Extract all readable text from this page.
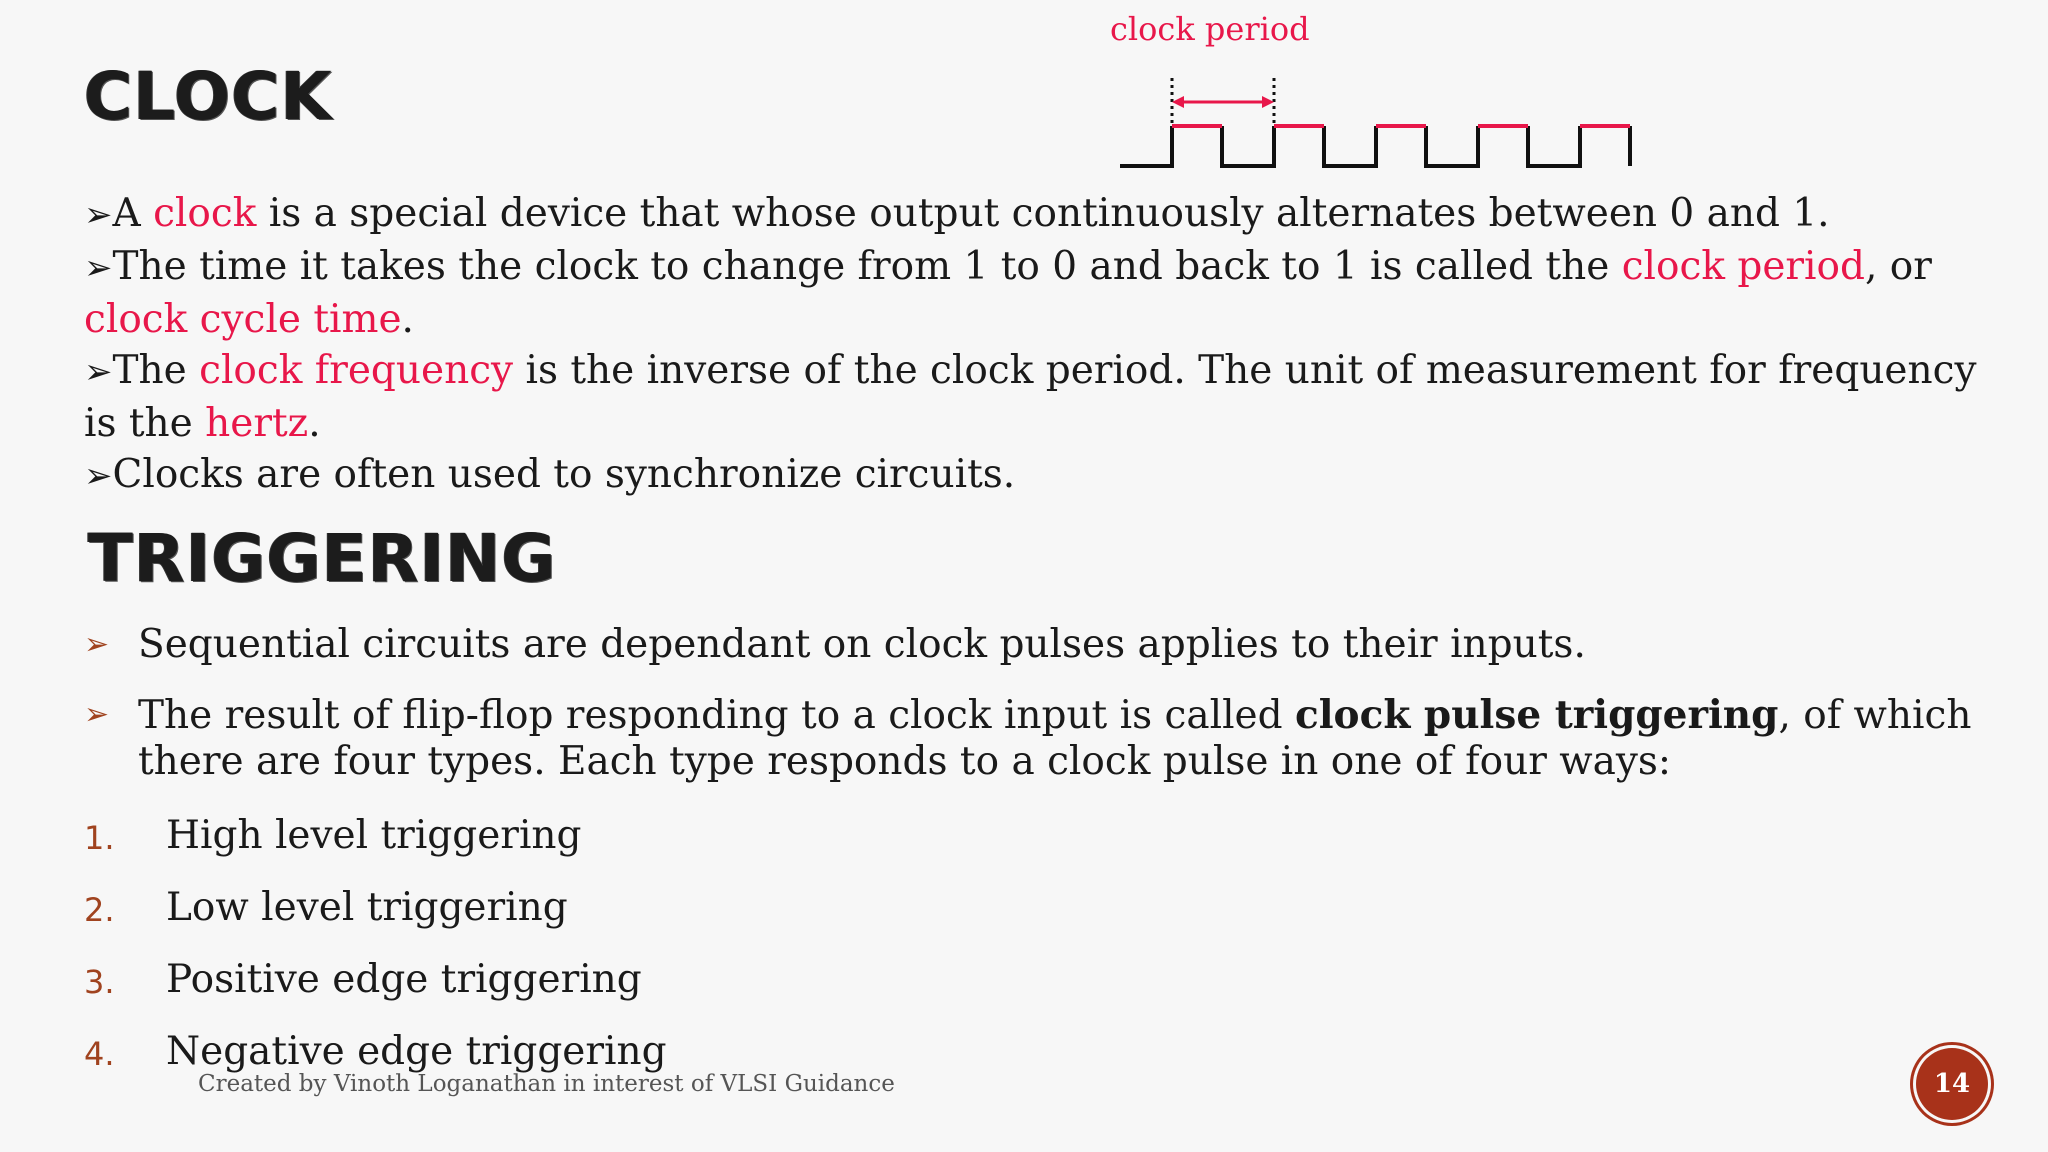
CLOCK
clock period

➢A clock is a special device that whose output continuously alternates between 0 and 1.

➢The time it takes the clock to change from 1 to 0 and back to 1 is called the clock period, or clock cycle time.

➢The clock frequency is the inverse of the clock period. The unit of measurement for frequency is the hertz.

➢Clocks are often used to synchronize circuits.

TRIGGERING
➢ Sequential circuits are dependant on clock pulses applies to their inputs.
➢ The result of flip-flop responding to a clock input is called clock pulse triggering, of which there are four types. Each type responds to a clock pulse in one of four ways:
1. High level triggering
2. Low level triggering
3. Positive edge triggering
4. Negative edge triggering
Created by Vinoth Loganathan in interest of VLSI Guidance	14
